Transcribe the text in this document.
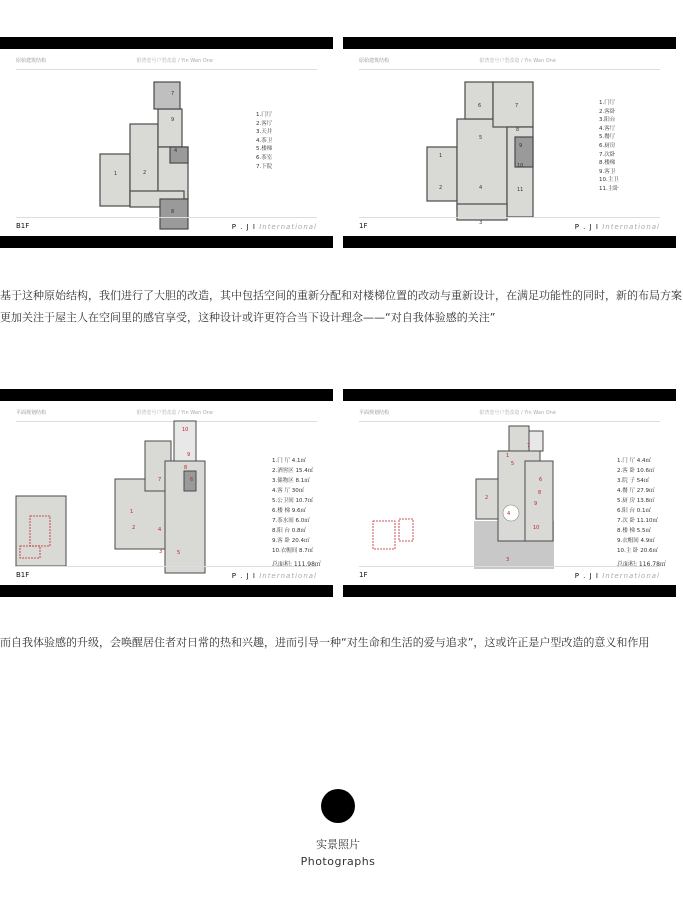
原始建筑结构	银湾壹号户型改造 / Yin Wan One
1	2
9
7
4
8
1.门厅
2.客厅
3.天井
4.茶卫
5.楼梯
6.茶室
7.下院
B1F	P . J I International
原始建筑结构	银湾壹号户型改造 / Yin Wan One
1
2
3
4
5
6	7
8
9
10
11
1.门厅
2.客卧
3.阳台
4.客厅
5.餐厅
6.厨房
7.次卧
8.楼梯
9.客卫
10.主卫
11.主卧
1F	P . J I International
基于这种原始结构，我们进行了大胆的改造，其中包括空间的重新分配和对楼梯位置的改动与重新设计，在满足功能性的同时，新的布局方案更加关注于屋主人在空间里的感官享受，这种设计或许更符合当下设计理念——“对自我体验感的关注”
平面规划结构	银湾壹号户型改造 / Yin Wan One
1
2
3
4
5
6
7
8
9
10
1.门 厅 4.1㎡
2.酒窖区 15.4㎡
3.储物区 8.1㎡
4.客 厅 30㎡
5.公卫间 10.7㎡
6.楼 梯 9.6㎡
7.茶水间 6.0㎡
8.阳 台 0.8㎡
9.客 卧 20.4㎡
10.衣帽间 8.7㎡
总面积: 111.98㎡
B1F	P . J I International
平面规划结构	银湾壹号户型改造 / Yin Wan One
1
2
3
4
5
6
7
8
9
10
1.门 厅 4.4㎡
2.客 卧 10.6㎡
3.院 子 54㎡
4.餐 厅 27.9㎡
5.厨 房 13.8㎡
6.阳 台 0.1㎡
7.次 卧 11.10㎡
8.楼 梯 5.5㎡
9.衣帽间 4.9㎡
10.主 卧 20.6㎡
总面积: 116.78㎡
1F	P . J I International
而自我体验感的升级，会唤醒居住者对日常的热和兴趣，进而引导一种“对生命和生活的爱与追求”，这或许正是户型改造的意义和作用
实景照片
Photographs
